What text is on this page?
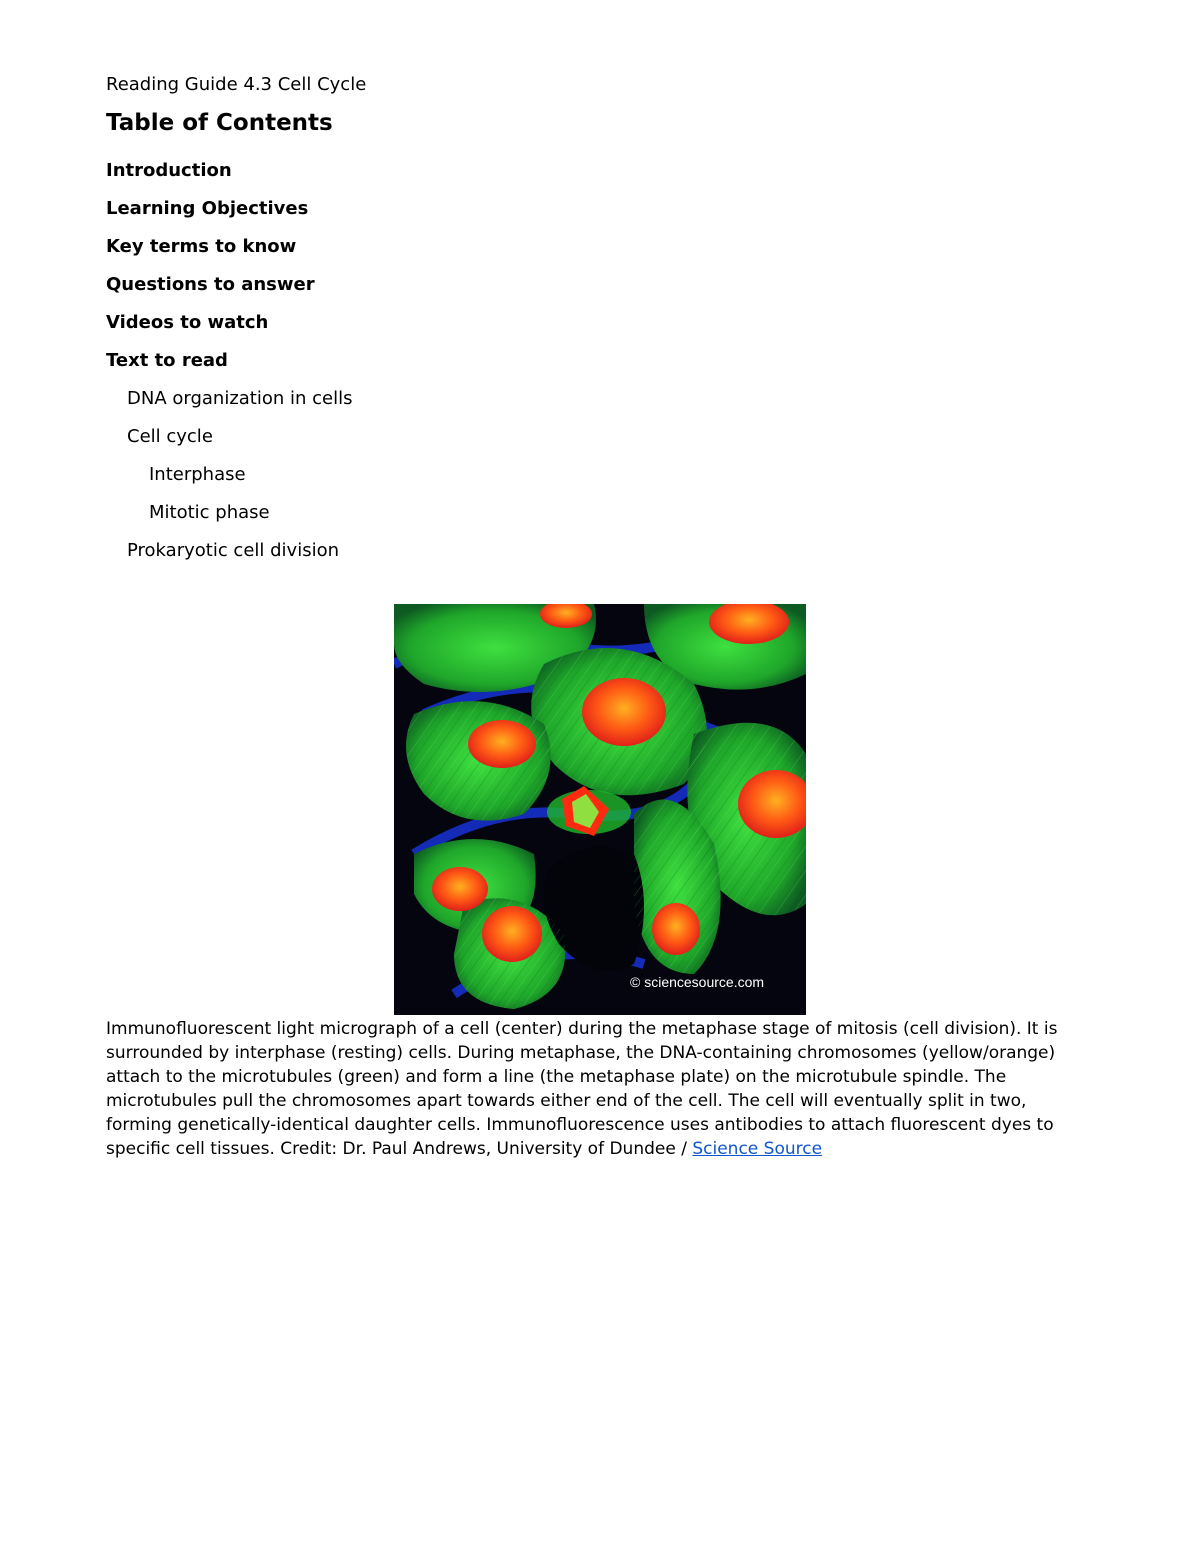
Reading Guide 4.3 Cell Cycle
Table of Contents
Introduction
Learning Objectives
Key terms to know
Questions to answer
Videos to watch
Text to read
DNA organization in cells
Cell cycle
Interphase
Mitotic phase
Prokaryotic cell division
© sciencesource.com
Immunofluorescent light micrograph of a cell (center) during the metaphase stage of mitosis (cell division). It is surrounded by interphase (resting) cells. During metaphase, the DNA-containing chromosomes (yellow/orange) attach to the microtubules (green) and form a line (the metaphase plate) on the microtubule spindle. The microtubules pull the chromosomes apart towards either end of the cell. The cell will eventually split in two, forming genetically-identical daughter cells. Immunofluorescence uses antibodies to attach fluorescent dyes to specific cell tissues. Credit: Dr. Paul Andrews, University of Dundee / Science Source
